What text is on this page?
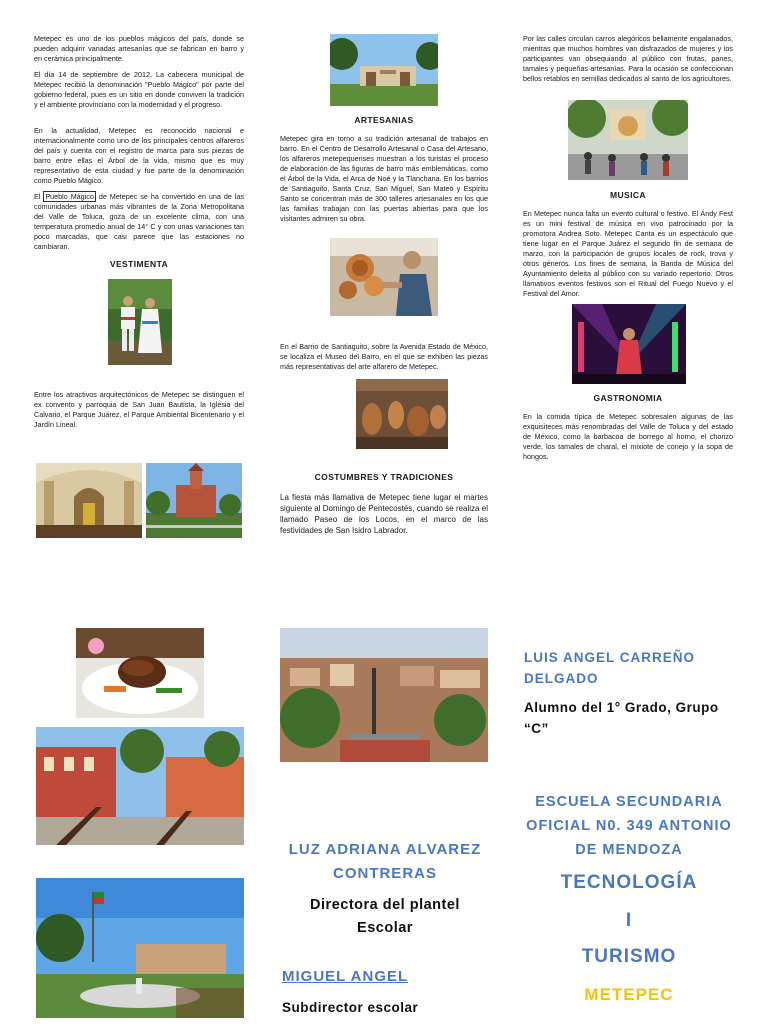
Metepec es uno de los pueblos mágicos del país, donde se pueden adquirir variadas artesanías que se fabrican en barro y en cerámica principalmente.

El día 14 de septiembre de 2012, La cabecera municipal de Metepec recibió la denominación "Pueblo Mágico" por parte del gobierno federal, pues es un sitio en donde conviven la tradición y el ambiente provinciano con la modernidad y el progreso.

En la actualidad, Metepec es reconocido nacional e internacionalmente como uno de los principales centros alfareros del país y cuenta con el registro de marca para sus piezas de barro entre ellas el Árbol de la vida, mismo que es muy representativo de esta ciudad y fue parte de la denominación como Pueblo Mágico.

El Pueblo Mágico de Metepec se ha convertido en una de las comunidades urbanas más vibrantes de la Zona Metropolitana del Valle de Toluca, goza de un excelente clima, con una temperatura promedio anual de 14° C y con unas variaciones tan poco marcadas, que casi parece que las estaciones no cambiaran.

VESTIMENTA

Entre los atractivos arquitectónicos de Metepec se distinguen el ex convento y parroquia de San Juan Bautista, la Iglesia del Calvario, el Parque Juárez, el Parque Ambiental Bicentenario y el Jardín Lineal.

ARTESANIAS

Metepec gira en torno a su tradición artesanal de trabajos en barro. En el Centro de Desarrollo Artesanal o Casa del Artesano, los alfareros metepequenses muestran a los turistas el proceso de elaboración de las figuras de barro más emblemáticas, como el Árbol de la Vida, el Arca de Noé y la Tlanchana. En los barrios de Santiaguito, Santa Cruz, San Miguel, San Mateo y Espíritu Santo se concentran más de 300 talleres artesanales en los que las familias trabajan con las puertas abiertas para que los visitantes admiren su obra.

En el Barrio de Santiaguito, sobre la Avenida Estado de México, se localiza el Museo del Barro, en el que se exhiben las piezas más representativas del arte alfarero de Metepec.

COSTUMBRES Y TRADICIONES

La fiesta más llamativa de Metepec tiene lugar el martes siguiente al Domingo de Pentecostés, cuando se realiza el llamado Paseo de los Locos, en el marco de las festividades de San Isidro Labrador.

Por las calles circulan carros alegóricos bellamente engalanados, mientras que muchos hombres van disfrazados de mujeres y los participantes van obsequiando al público con frutas, panes, tamales y pequeñas artesanías. Para la ocasión se confeccionan bellos retablos en semillas dedicados al santo de los agricultores.

MUSICA

En Metepec nunca falta un evento cultural o festivo. El Ándy Fest es un mini festival de música en vivo patrocinado por la promotora Andrea Soto. Metepec Canta es un espectáculo que tiene lugar en el Parque Juárez el segundo fin de semana de marzo, con la participación de grupos locales de rock, trova y otros géneros. Los fines de semana, la Banda de Música del Ayuntamiento deleita al público con su variado repertorio. Otros llamativos eventos festivos son el Ritual del Fuego Nuevo y el Festival del Amor.

GASTRONOMIA

En la comida típica de Metepec sobresalen algunas de las exquisiteces más renombradas del Valle de Toluca y del estado de México, como la barbacoa de borrego al horno, el chorizo verde, los tamales de charal, el mixiote de conejo y la sopa de hongos.

LUZ ADRIANA ALVAREZ CONTRERAS
Directora del plantel Escolar
MIGUEL ANGEL
Subdirector escolar
LUIS ANGEL CARREÑO DELGADO
Alumno del 1° Grado, Grupo “C”
ESCUELA SECUNDARIA OFICIAL N0. 349 ANTONIO DE MENDOZA
TECNOLOGÍA
I
TURISMO
METEPEC
